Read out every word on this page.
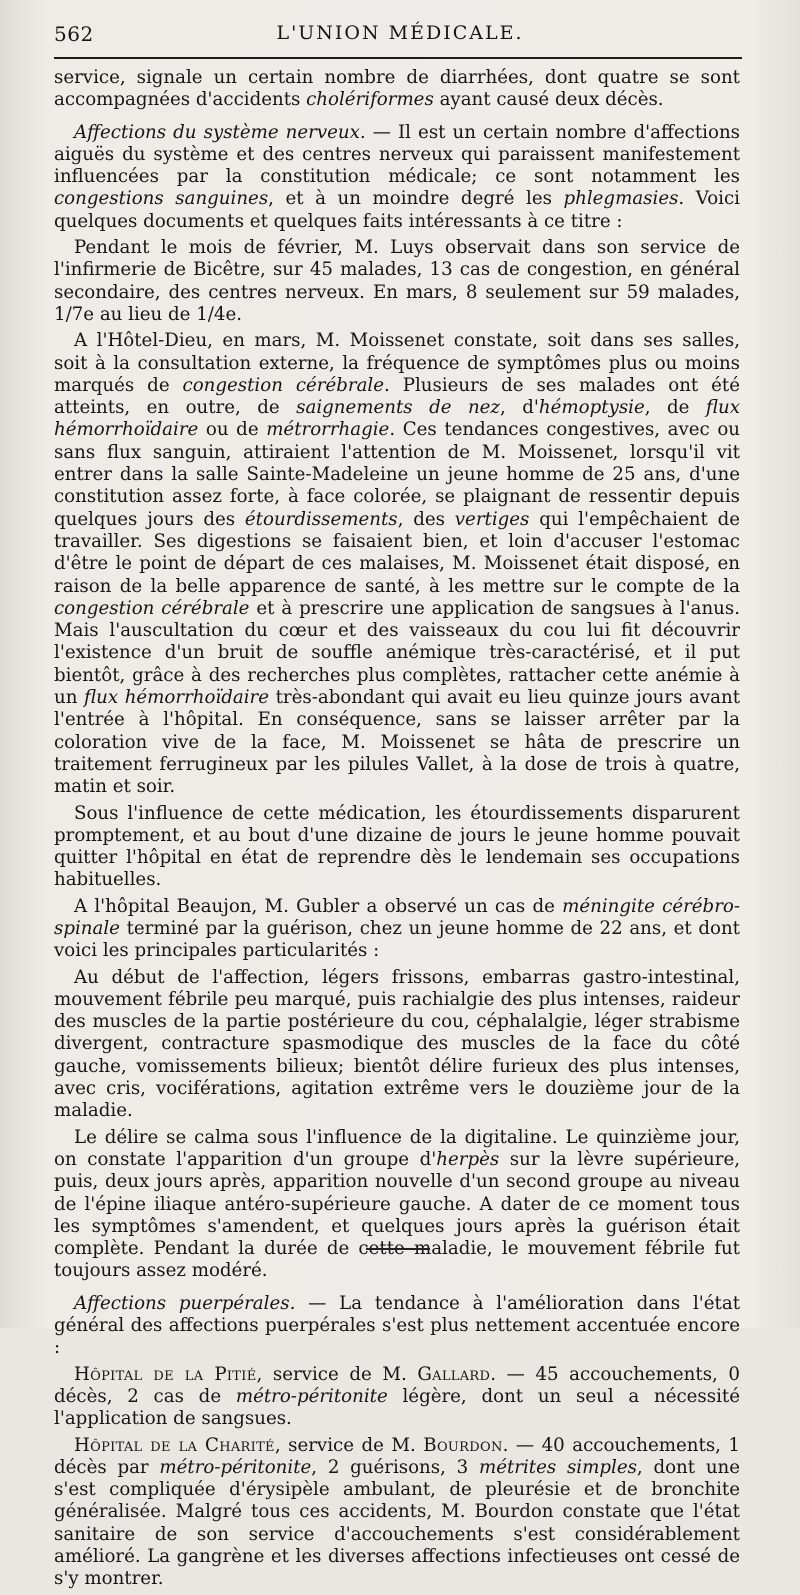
562	L'UNION MÉDICALE.

service, signale un certain nombre de diarrhées, dont quatre se sont accompagnées d'accidents cholériformes ayant causé deux décès.

Affections du système nerveux. — Il est un certain nombre d'affections aiguës du système et des centres nerveux qui paraissent manifestement influencées par la constitution médicale; ce sont notamment les congestions sanguines, et à un moindre degré les phlegmasies. Voici quelques documents et quelques faits intéressants à ce titre :

Pendant le mois de février, M. Luys observait dans son service de l'infirmerie de Bicêtre, sur 45 malades, 13 cas de congestion, en général secondaire, des centres nerveux. En mars, 8 seulement sur 59 malades, 1/7e au lieu de 1/4e.

A l'Hôtel-Dieu, en mars, M. Moissenet constate, soit dans ses salles, soit à la consultation externe, la fréquence de symptômes plus ou moins marqués de congestion cérébrale. Plusieurs de ses malades ont été atteints, en outre, de saignements de nez, d'hémoptysie, de flux hémorrhoïdaire ou de métrorrhagie. Ces tendances congestives, avec ou sans flux sanguin, attiraient l'attention de M. Moissenet, lorsqu'il vit entrer dans la salle Sainte-Madeleine un jeune homme de 25 ans, d'une constitution assez forte, à face colorée, se plaignant de ressentir depuis quelques jours des étourdissements, des vertiges qui l'empêchaient de travailler. Ses digestions se faisaient bien, et loin d'accuser l'estomac d'être le point de départ de ces malaises, M. Moissenet était disposé, en raison de la belle apparence de santé, à les mettre sur le compte de la congestion cérébrale et à prescrire une application de sangsues à l'anus. Mais l'auscultation du cœur et des vaisseaux du cou lui fit découvrir l'existence d'un bruit de souffle anémique très-caractérisé, et il put bientôt, grâce à des recherches plus complètes, rattacher cette anémie à un flux hémorrhoïdaire très-abondant qui avait eu lieu quinze jours avant l'entrée à l'hôpital. En conséquence, sans se laisser arrêter par la coloration vive de la face, M. Moissenet se hâta de prescrire un traitement ferrugineux par les pilules Vallet, à la dose de trois à quatre, matin et soir.

Sous l'influence de cette médication, les étourdissements disparurent promptement, et au bout d'une dizaine de jours le jeune homme pouvait quitter l'hôpital en état de reprendre dès le lendemain ses occupations habituelles.

A l'hôpital Beaujon, M. Gubler a observé un cas de méningite cérébro-spinale terminé par la guérison, chez un jeune homme de 22 ans, et dont voici les principales particularités :

Au début de l'affection, légers frissons, embarras gastro-intestinal, mouvement fébrile peu marqué, puis rachialgie des plus intenses, raideur des muscles de la partie postérieure du cou, céphalalgie, léger strabisme divergent, contracture spasmodique des muscles de la face du côté gauche, vomissements bilieux; bientôt délire furieux des plus intenses, avec cris, vociférations, agitation extrême vers le douzième jour de la maladie.

Le délire se calma sous l'influence de la digitaline. Le quinzième jour, on constate l'apparition d'un groupe d'herpès sur la lèvre supérieure, puis, deux jours après, apparition nouvelle d'un second groupe au niveau de l'épine iliaque antéro-supérieure gauche. A dater de ce moment tous les symptômes s'amendent, et quelques jours après la guérison était complète. Pendant la durée de cette maladie, le mouvement fébrile fut toujours assez modéré.

Affections puerpérales. — La tendance à l'amélioration dans l'état général des affections puerpérales s'est plus nettement accentuée encore :

Hôpital de la Pitié, service de M. Gallard. — 45 accouchements, 0 décès, 2 cas de métro-péritonite légère, dont un seul a nécessité l'application de sangsues.

Hôpital de la Charité, service de M. Bourdon. — 40 accouchements, 1 décès par métro-péritonite, 2 guérisons, 3 métrites simples, dont une s'est compliquée d'érysipèle ambulant, de pleurésie et de bronchite généralisée. Malgré tous ces accidents, M. Bourdon constate que l'état sanitaire de son service d'accouchements s'est considérablement amélioré. La gangrène et les diverses affections infectieuses ont cessé de s'y montrer.
